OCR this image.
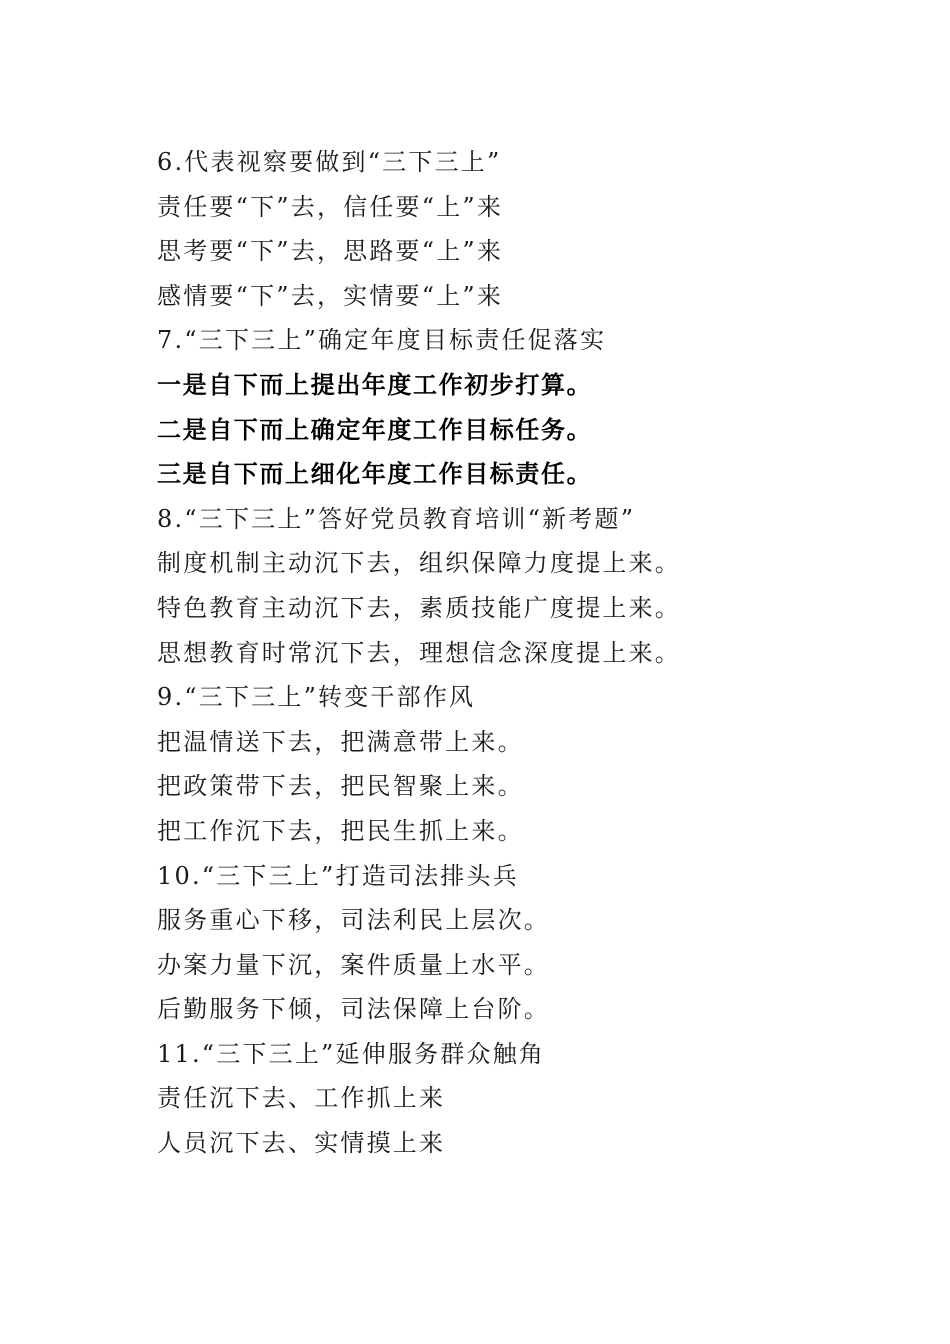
6.代表视察要做到“三下三上”
责任要“下”去，信任要“上”来
思考要“下”去，思路要“上”来
感情要“下”去，实情要“上”来
7.“三下三上”确定年度目标责任促落实
一是自下而上提出年度工作初步打算。
二是自下而上确定年度工作目标任务。
三是自下而上细化年度工作目标责任。
8.“三下三上”答好党员教育培训“新考题”
制度机制主动沉下去，组织保障力度提上来。
特色教育主动沉下去，素质技能广度提上来。
思想教育时常沉下去，理想信念深度提上来。
9.“三下三上”转变干部作风
把温情送下去，把满意带上来。
把政策带下去，把民智聚上来。
把工作沉下去，把民生抓上来。
10.“三下三上”打造司法排头兵
服务重心下移，司法利民上层次。
办案力量下沉，案件质量上水平。
后勤服务下倾，司法保障上台阶。
11.“三下三上”延伸服务群众触角
责任沉下去、工作抓上来
人员沉下去、实情摸上来
